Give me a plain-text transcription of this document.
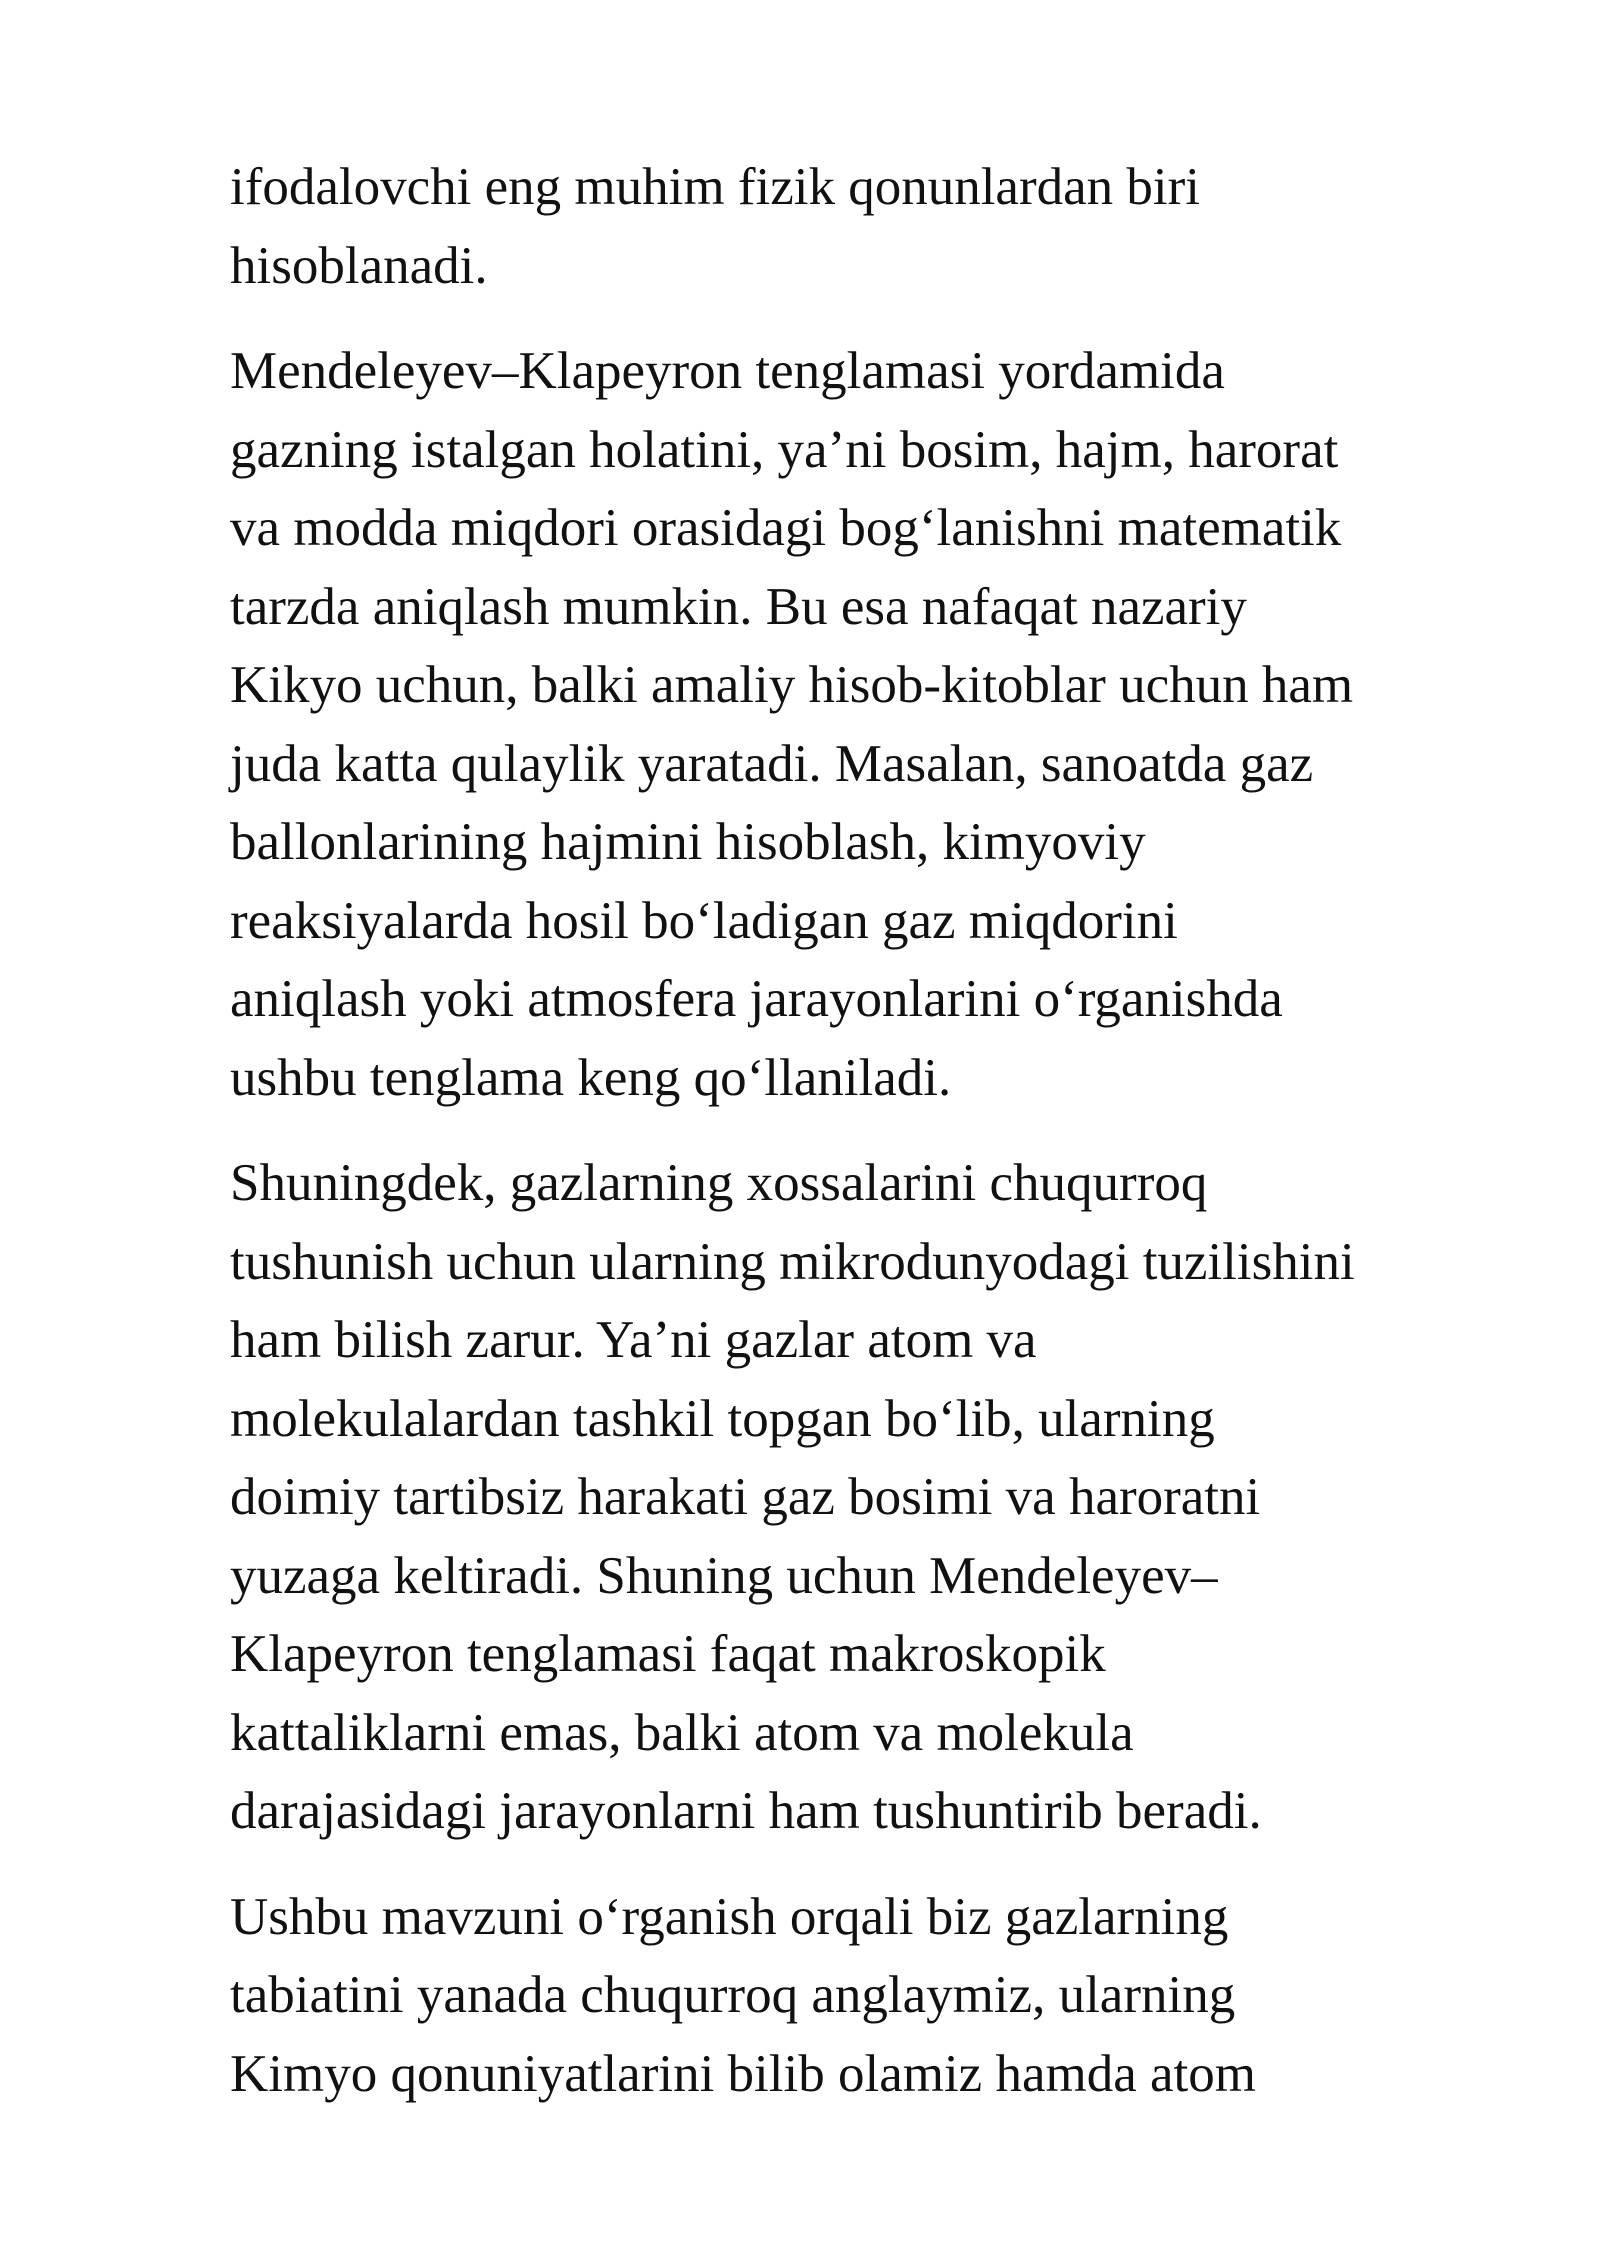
ifodalovchi eng muhim fizik qonunlardan biri
hisoblanadi.
Mendeleyev–Klapeyron tenglamasi yordamida
gazning istalgan holatini, ya’ni bosim, hajm, harorat
va modda miqdori orasidagi bog‘lanishni matematik
tarzda aniqlash mumkin. Bu esa nafaqat nazariy
Kikyo uchun, balki amaliy hisob-kitoblar uchun ham
juda katta qulaylik yaratadi. Masalan, sanoatda gaz
ballonlarining hajmini hisoblash, kimyoviy
reaksiyalarda hosil bo‘ladigan gaz miqdorini
aniqlash yoki atmosfera jarayonlarini o‘rganishda
ushbu tenglama keng qo‘llaniladi.
Shuningdek, gazlarning xossalarini chuqurroq
tushunish uchun ularning mikrodunyodagi tuzilishini
ham bilish zarur. Ya’ni gazlar atom va
molekulalardan tashkil topgan bo‘lib, ularning
doimiy tartibsiz harakati gaz bosimi va haroratni
yuzaga keltiradi. Shuning uchun Mendeleyev–
Klapeyron tenglamasi faqat makroskopik
kattaliklarni emas, balki atom va molekula
darajasidagi jarayonlarni ham tushuntirib beradi.
Ushbu mavzuni o‘rganish orqali biz gazlarning
tabiatini yanada chuqurroq anglaymiz, ularning
Kimyo qonuniyatlarini bilib olamiz hamda atom
